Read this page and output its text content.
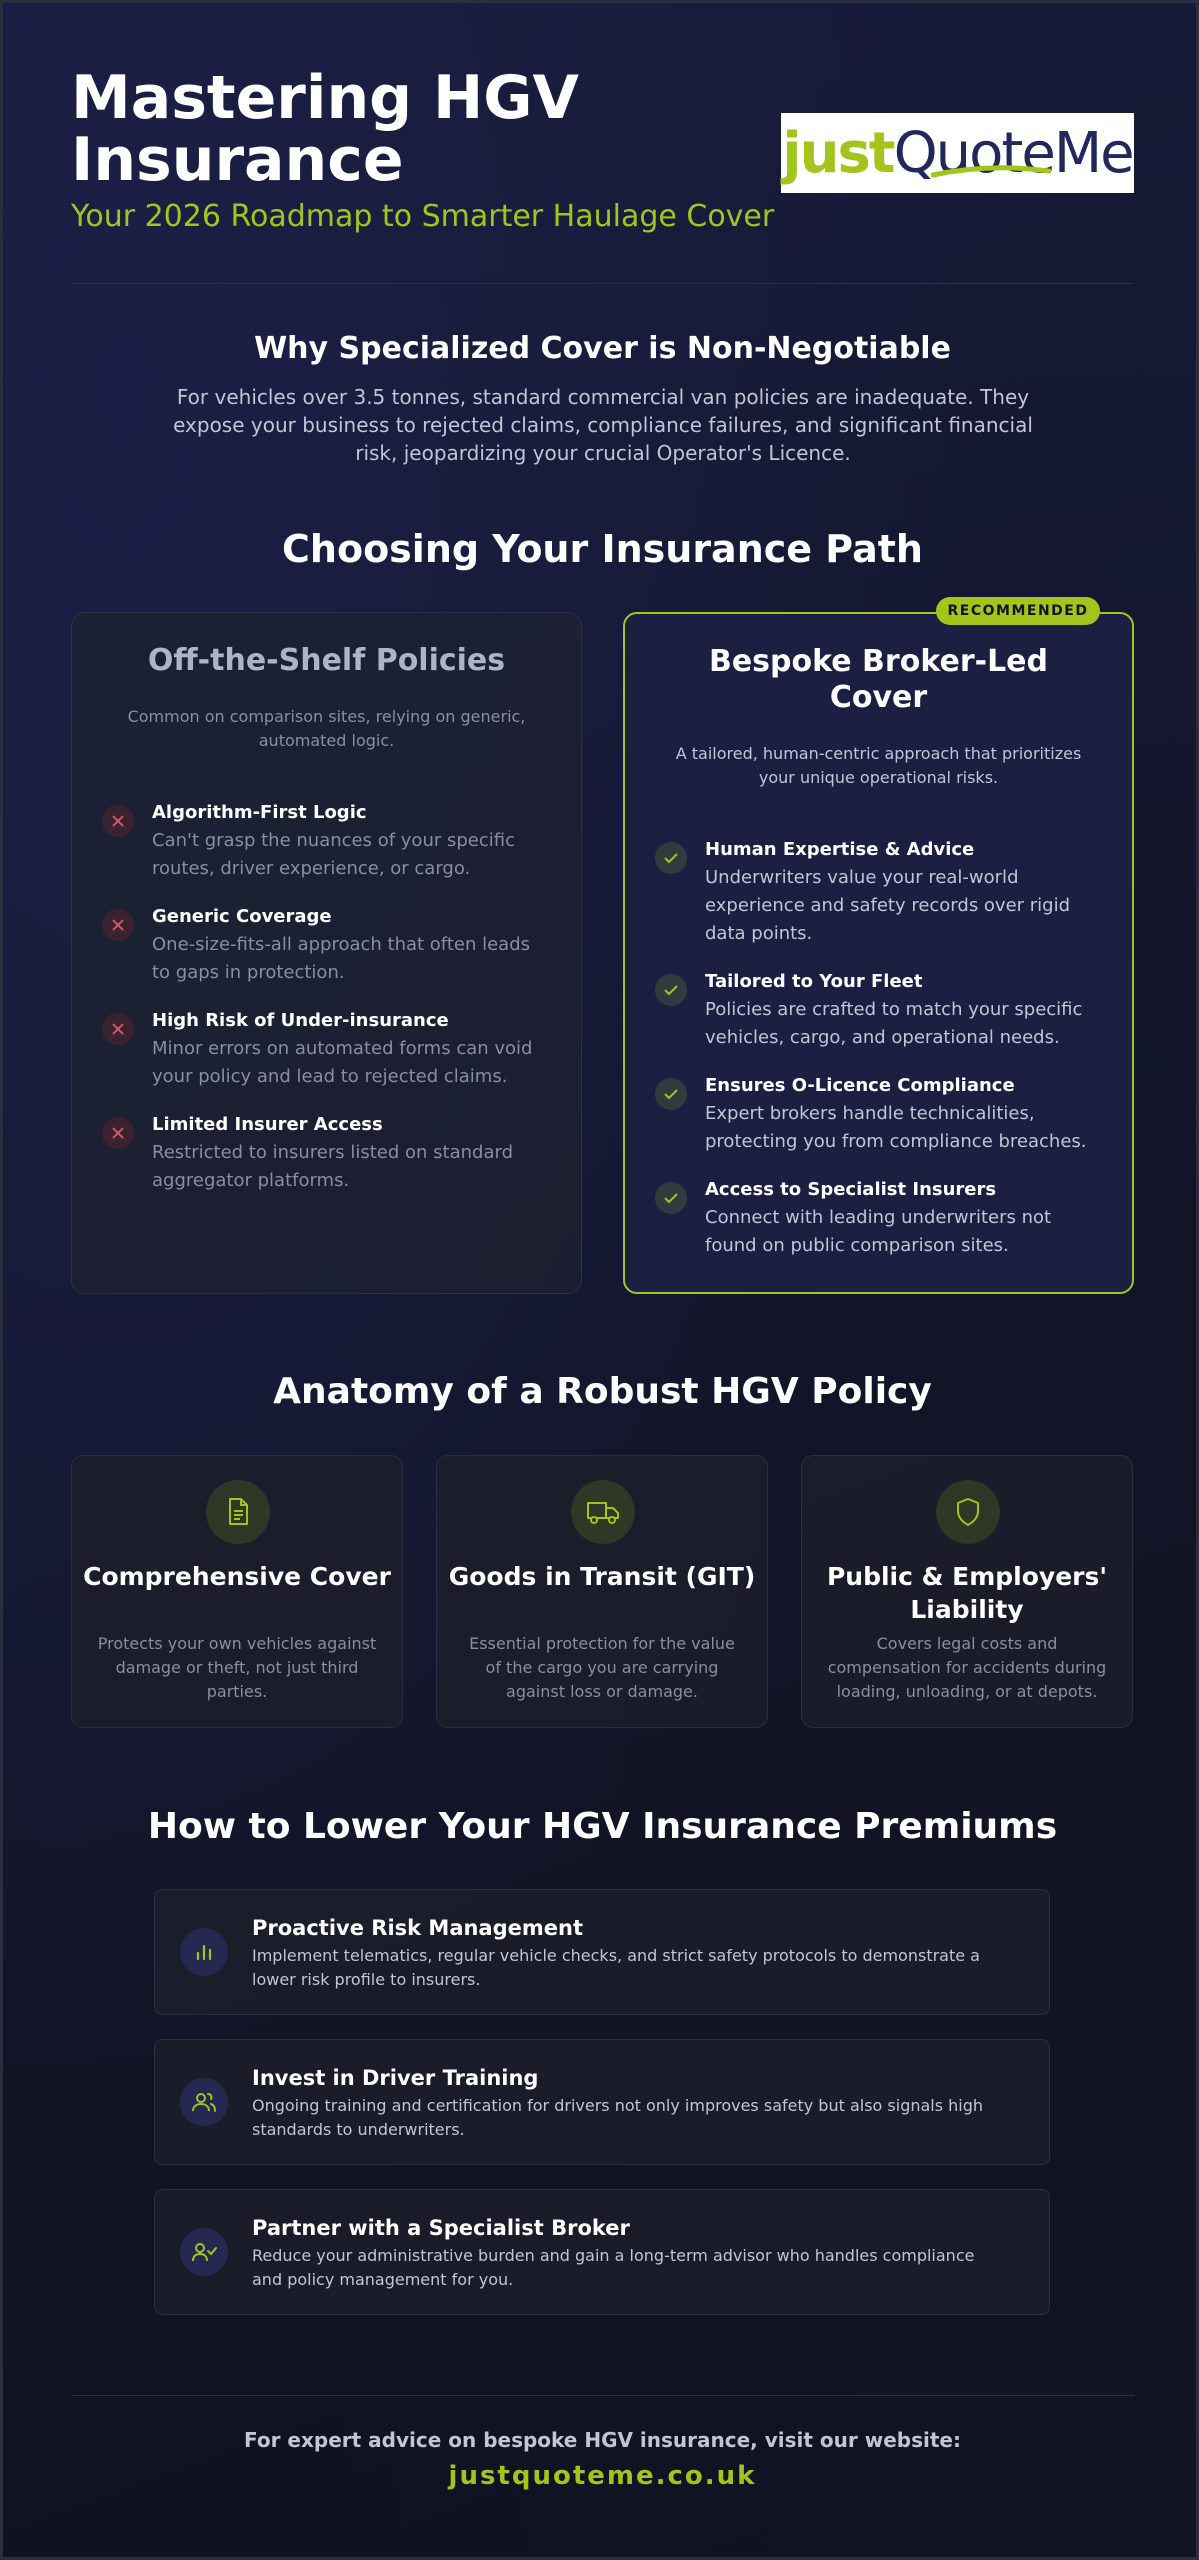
Mastering HGV Insurance
Your 2026 Roadmap to Smarter Haulage Cover
just QuoteMe
Why Specialized Cover is Non-Negotiable
For vehicles over 3.5 tonnes, standard commercial van policies are inadequate. They expose your business to rejected claims, compliance failures, and significant financial risk, jeopardizing your crucial Operator's Licence.
Choosing Your Insurance Path
Off-the-Shelf Policies
Common on comparison sites, relying on generic, automated logic.
Algorithm-First Logic
Can't grasp the nuances of your specific routes, driver experience, or cargo.
Generic Coverage
One-size-fits-all approach that often leads to gaps in protection.
High Risk of Under-insurance
Minor errors on automated forms can void your policy and lead to rejected claims.
Limited Insurer Access
Restricted to insurers listed on standard aggregator platforms.
Bespoke Broker-Led Cover
A tailored, human-centric approach that prioritizes your unique operational risks.
Human Expertise & Advice
Underwriters value your real-world experience and safety records over rigid data points.
Tailored to Your Fleet
Policies are crafted to match your specific vehicles, cargo, and operational needs.
Ensures O-Licence Compliance
Expert brokers handle technicalities, protecting you from compliance breaches.
Access to Specialist Insurers
Connect with leading underwriters not found on public comparison sites.
RECOMMENDED
Anatomy of a Robust HGV Policy
Comprehensive Cover
Protects your own vehicles against damage or theft, not just third parties.
Goods in Transit (GIT)
Essential protection for the value of the cargo you are carrying against loss or damage.
Public & Employers' Liability
Covers legal costs and compensation for accidents during loading, unloading, or at depots.
How to Lower Your HGV Insurance Premiums
Proactive Risk Management
Implement telematics, regular vehicle checks, and strict safety protocols to demonstrate a lower risk profile to insurers.
Invest in Driver Training
Ongoing training and certification for drivers not only improves safety but also signals high standards to underwriters.
Partner with a Specialist Broker
Reduce your administrative burden and gain a long-term advisor who handles compliance and policy management for you.
For expert advice on bespoke HGV insurance, visit our website:
justquoteme.co.uk
